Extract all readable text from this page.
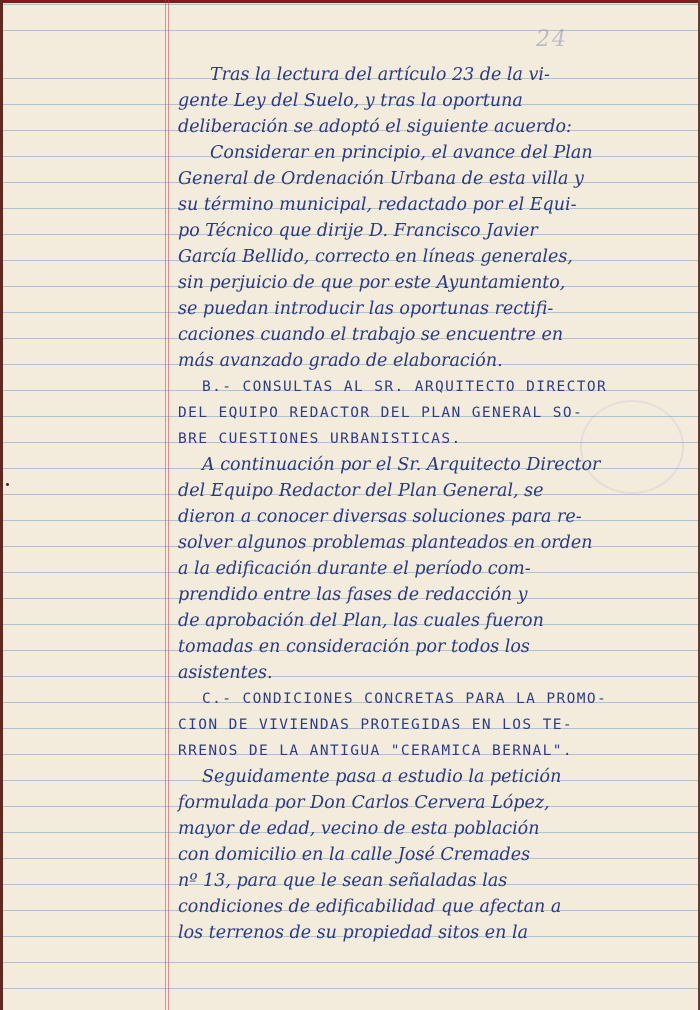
24
Tras la lectura del artículo 23 de la vi-
gente Ley del Suelo, y tras la oportuna
deliberación se adoptó el siguiente acuerdo:
Considerar en principio, el avance del Plan
General de Ordenación Urbana de esta villa y
su término municipal, redactado por el Equi-
po Técnico que dirije D. Francisco Javier
García Bellido, correcto en líneas generales,
sin perjuicio de que por este Ayuntamiento,
se puedan introducir las oportunas rectifi-
caciones cuando el trabajo se encuentre en
más avanzado grado de elaboración.
B.- CONSULTAS AL SR. ARQUITECTO DIRECTOR
DEL EQUIPO REDACTOR DEL PLAN GENERAL SO-
BRE CUESTIONES URBANISTICAS.
A continuación por el Sr. Arquitecto Director
del Equipo Redactor del Plan General, se
dieron a conocer diversas soluciones para re-
solver algunos problemas planteados en orden
a la edificación durante el período com-
prendido entre las fases de redacción y
de aprobación del Plan, las cuales fueron
tomadas en consideración por todos los
asistentes.
C.- CONDICIONES CONCRETAS PARA LA PROMO-
CION DE VIVIENDAS PROTEGIDAS EN LOS TE-
RRENOS DE LA ANTIGUA "CERAMICA BERNAL".
Seguidamente pasa a estudio la petición
formulada por Don Carlos Cervera López,
mayor de edad, vecino de esta población
con domicilio en la calle José Cremades
nº 13, para que le sean señaladas las
condiciones de edificabilidad que afectan a
los terrenos de su propiedad sitos en la
